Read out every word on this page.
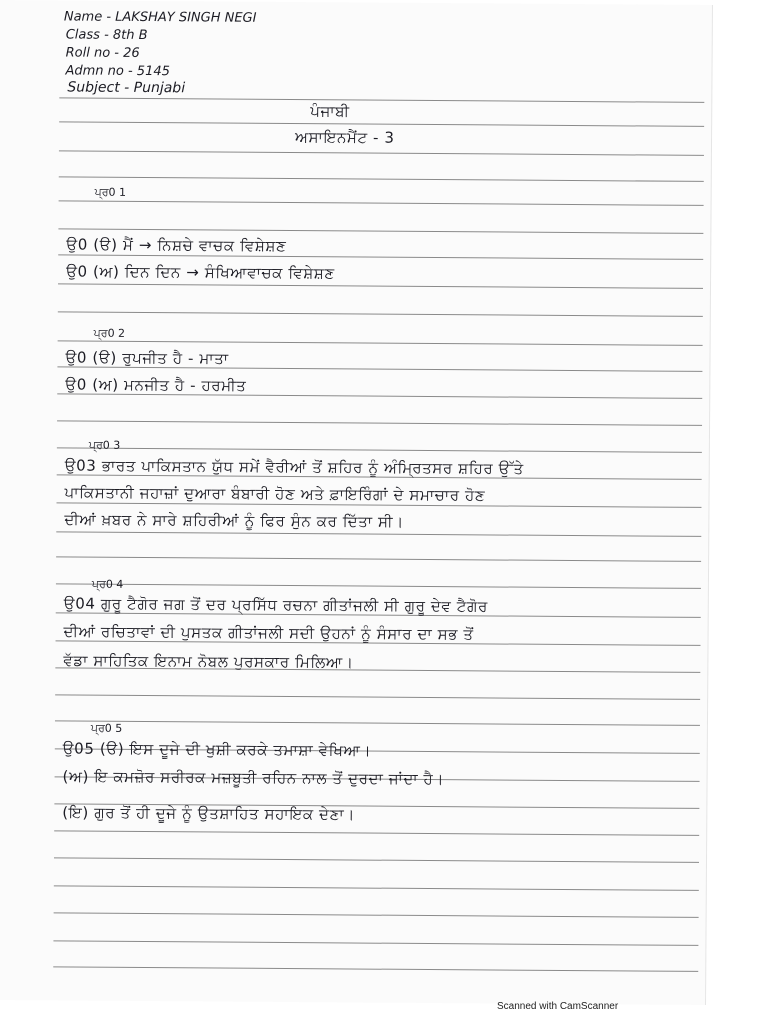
Name - LAKSHAY SINGH NEGI
Class - 8th B
Roll no - 26
Admn no - 5145
Subject - Punjabi
ਪੰਜਾਬੀ
ਅਸਾਇਨਮੈਂਟ - 3
ਪ੍ਰ0 1
ਉ0 (ੳ) ਮੈਂ → ਨਿਸ਼ਚੇ ਵਾਚਕ ਵਿਸ਼ੇਸ਼ਣ
ਉ0 (ਅ) ਦਿਨ ਦਿਨ → ਸੰਖਿਆਵਾਚਕ ਵਿਸ਼ੇਸ਼ਣ
ਪ੍ਰ0 2
ਉ0 (ੳ) ਰੁਪਜੀਤ ਹੈ - ਮਾਤਾ
ਉ0 (ਅ) ਮਨਜੀਤ ਹੈ - ਹਰਮੀਤ
ਪ੍ਰ0 3
ਉ03 ਭਾਰਤ ਪਾਕਿਸਤਾਨ ਯੁੱਧ ਸਮੇਂ ਵੈਰੀਆਂ ਤੋਂ ਸ਼ਹਿਰ ਨੂੰ ਅੰਮ੍ਰਿਤਸਰ ਸ਼ਹਿਰ ਉੱਤੇ
ਪਾਕਿਸਤਾਨੀ ਜਹਾਜ਼ਾਂ ਦੁਆਰਾ ਬੰਬਾਰੀ ਹੋਣ ਅਤੇ ਫ਼ਾਇਰਿੰਗਾਂ ਦੇ ਸਮਾਚਾਰ ਹੋਣ
ਦੀਆਂ ਖ਼ਬਰ ਨੇ ਸਾਰੇ ਸ਼ਹਿਰੀਆਂ ਨੂੰ ਫਿਰ ਸੁੰਨ ਕਰ ਦਿੱਤਾ ਸੀ।
ਪ੍ਰ0 4
ਉ04 ਗੁਰੂ ਟੈਗੋਰ ਜਗ ਤੋਂ ਦਰ ਪ੍ਰਸਿੱਧ ਰਚਨਾ ਗੀਤਾਂਜਲੀ ਸੀ ਗੁਰੂ ਦੇਵ ਟੈਗੋਰ
ਦੀਆਂ ਰਚਿਤਾਵਾਂ ਦੀ ਪੁਸਤਕ ਗੀਤਾਂਜਲੀ ਸਦੀ ਉਹਨਾਂ ਨੂੰ ਸੰਸਾਰ ਦਾ ਸਭ ਤੋਂ
ਵੱਡਾ ਸਾਹਿਤਿਕ ਇਨਾਮ ਨੋਬਲ ਪੁਰਸਕਾਰ ਮਿਲਿਆ।
ਪ੍ਰ0 5
ਉ05 (ੳ) ਇਸ ਦੂਜੇ ਦੀ ਖੁਸ਼ੀ ਕਰਕੇ ਤਮਾਸ਼ਾ ਵੇਖਿਆ।
(ਅ) ਇ ਕਮਜ਼ੋਰ ਸਰੀਰਕ ਮਜ਼ਬੂਤੀ ਰਹਿਨ ਨਾਲ ਤੋਂ ਦੁਰਦਾ ਜਾਂਦਾ ਹੈ।
(ਇ) ਗੁਰ ਤੋਂ ਹੀ ਦੂਜੇ ਨੂੰ ਉਤਸ਼ਾਹਿਤ ਸਹਾਇਕ ਦੇਣਾ।
Scanned with CamScanner
